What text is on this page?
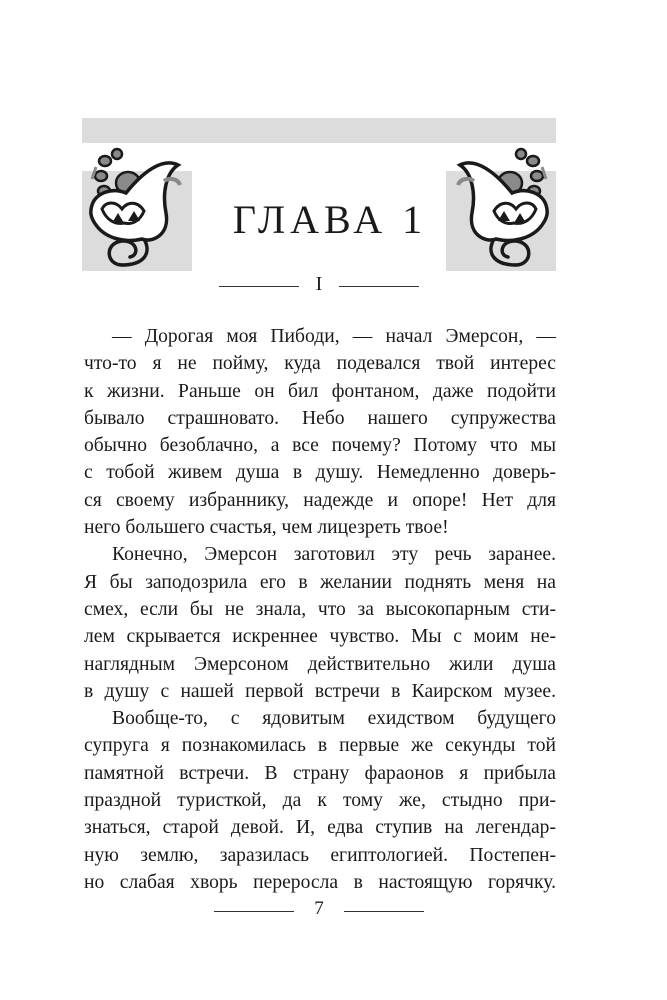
ГЛАВА 1
I
— Дорогая моя Пибоди, — начал Эмерсон, —
что-то я не пойму, куда подевался твой интерес
к жизни. Раньше он бил фонтаном, даже подойти
бывало страшновато. Небо нашего супружества
обычно безоблачно, а все почему? Потому что мы
с тобой живем душа в душу. Немедленно доверь-
ся своему избраннику, надежде и опоре! Нет для
него большего счастья, чем лицезреть твое!
Конечно, Эмерсон заготовил эту речь заранее.
Я бы заподозрила его в желании поднять меня на
смех, если бы не знала, что за высокопарным сти-
лем скрывается искреннее чувство. Мы с моим не-
наглядным Эмерсоном действительно жили душа
в душу с нашей первой встречи в Каирском музее.
Вообще-то, с ядовитым ехидством будущего
супруга я познакомилась в первые же секунды той
памятной встречи. В страну фараонов я прибыла
праздной туристкой, да к тому же, стыдно при-
знаться, старой девой. И, едва ступив на легендар-
ную землю, заразилась египтологией. Постепен-
но слабая хворь переросла в настоящую горячку.
7
